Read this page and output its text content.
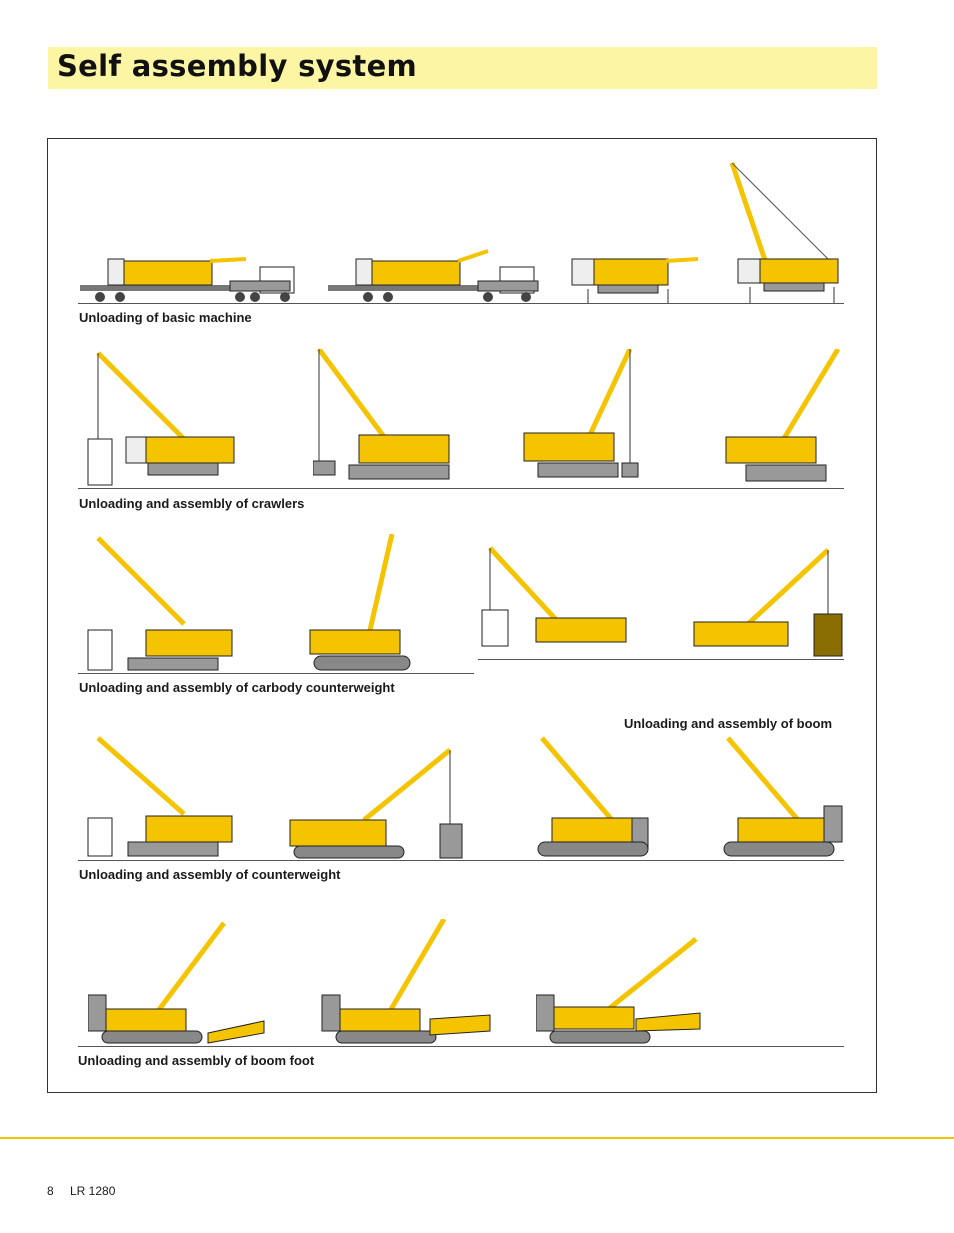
Self assembly system
Unloading of basic machine
Unloading and assembly of crawlers
Unloading and assembly of carbody counterweight
Unloading and assembly of boom
Unloading and assembly of counterweight
Unloading and assembly of boom foot
8 LR 1280
